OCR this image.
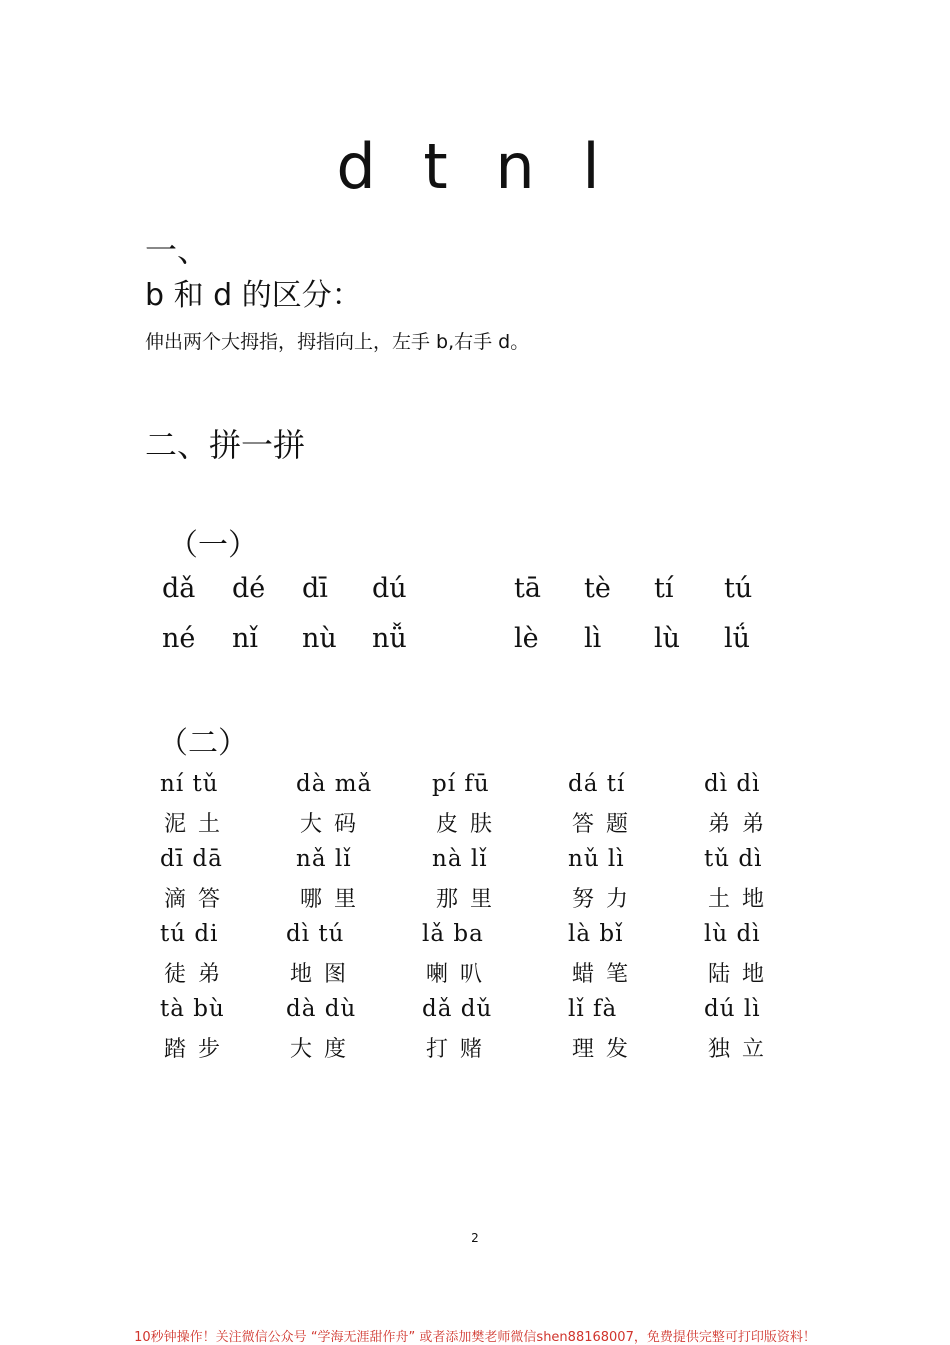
d t n l
一、
b 和 d 的区分：
伸出两个大拇指，拇指向上，左手 b,右手 d。
二、拼一拼
（一）
dǎ dé dī dú	tā tè tí tú
né nǐ nù nǚ	lè lì lù lǘ
（二）
ní tǔ
泥土
dà mǎ
大码
pí fū
皮肤
dá tí
答题
dì dì
弟弟
dī dā
滴答
nǎ lǐ
哪里
nà lǐ
那里
nǔ lì
努力
tǔ dì
土地
tú di
徒弟
dì tú
地图
lǎ ba
喇叭
là bǐ
蜡笔
lù dì
陆地
tà bù
踏步
dà dù
大度
dǎ dǔ
打赌
lǐ fà
理发
dú lì
独立
2
10秒钟操作！关注微信公众号 “学海无涯甜作舟” 或者添加樊老师微信shen88168007，免费提供完整可打印版资料！
